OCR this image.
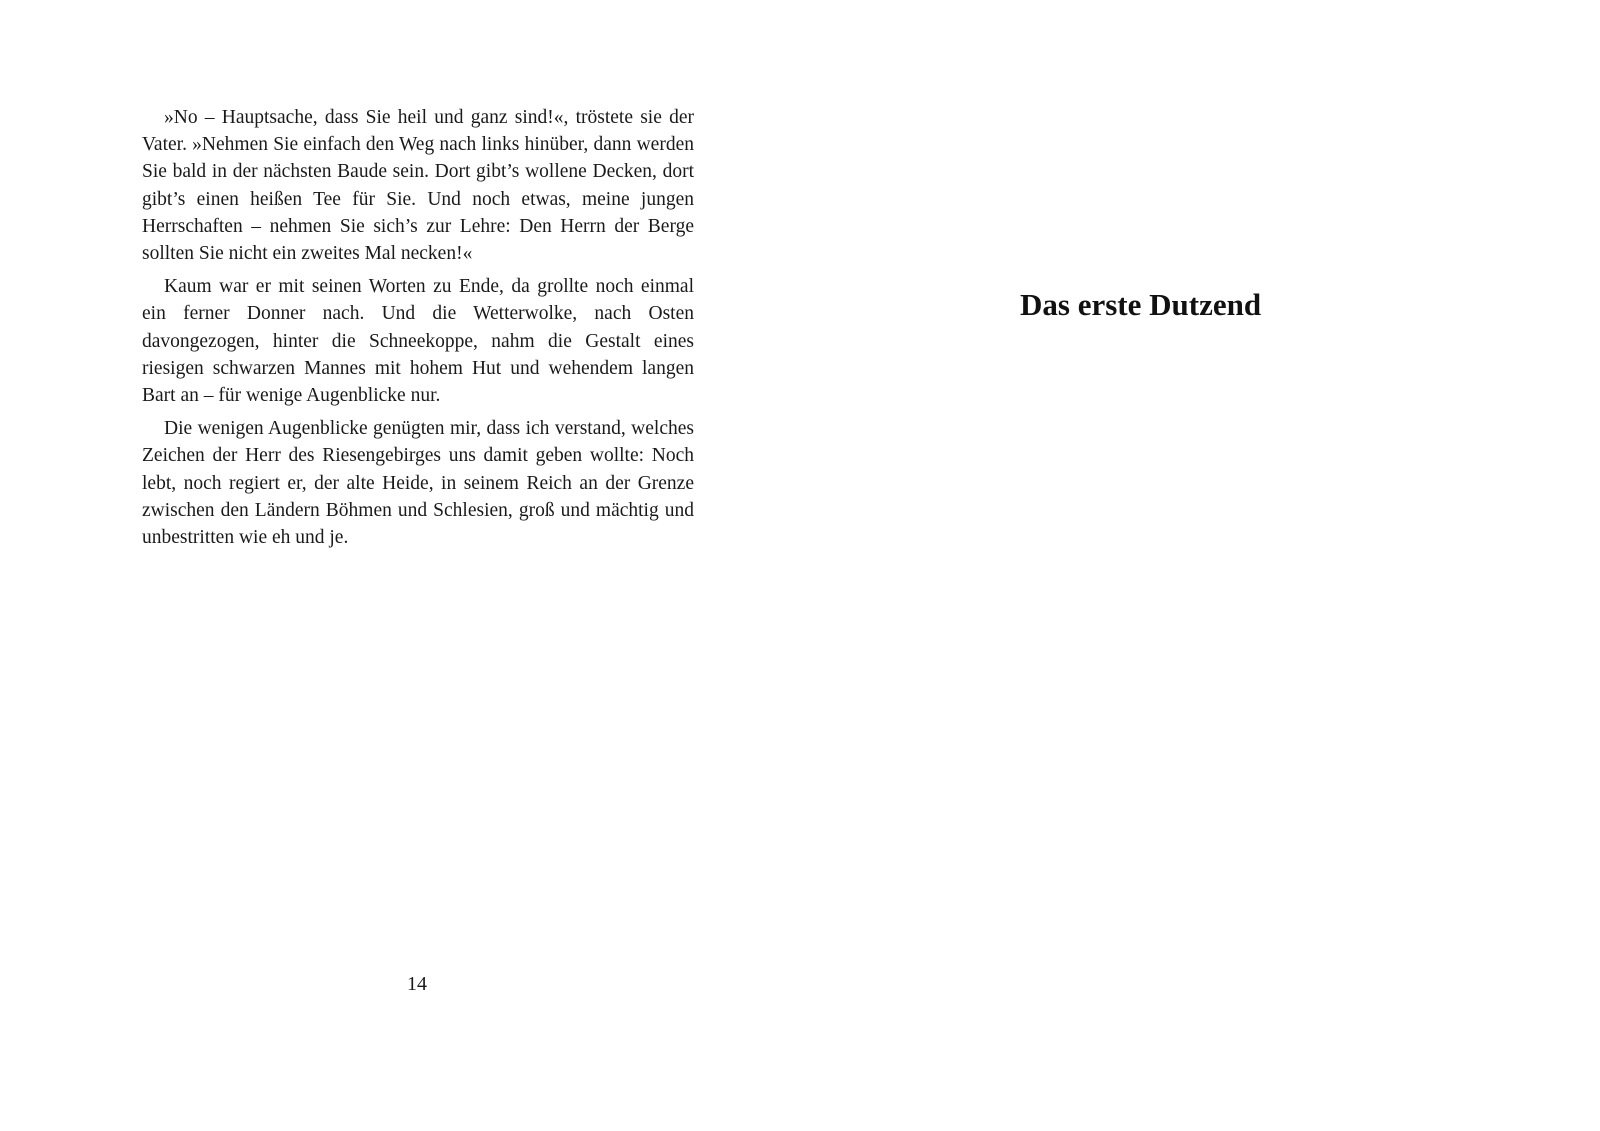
»No – Hauptsache, dass Sie heil und ganz sind!«, tröstete sie der Vater. »Nehmen Sie einfach den Weg nach links hinüber, dann werden Sie bald in der nächsten Baude sein. Dort gibt’s wollene Decken, dort gibt’s einen heißen Tee für Sie. Und noch etwas, meine jungen Herrschaften – nehmen Sie sich’s zur Lehre: Den Herrn der Berge sollten Sie nicht ein zweites Mal necken!«

Kaum war er mit seinen Worten zu Ende, da grollte noch einmal ein ferner Donner nach. Und die Wetterwolke, nach Osten davongezogen, hinter die Schneekoppe, nahm die Gestalt eines riesigen schwarzen Mannes mit hohem Hut und wehendem langen Bart an – für wenige Augenblicke nur.

Die wenigen Augenblicke genügten mir, dass ich verstand, welches Zeichen der Herr des Riesengebirges uns damit geben wollte: Noch lebt, noch regiert er, der alte Heide, in seinem Reich an der Grenze zwischen den Ländern Böhmen und Schlesien, groß und mächtig und unbestritten wie eh und je.

14
Das erste Dutzend
